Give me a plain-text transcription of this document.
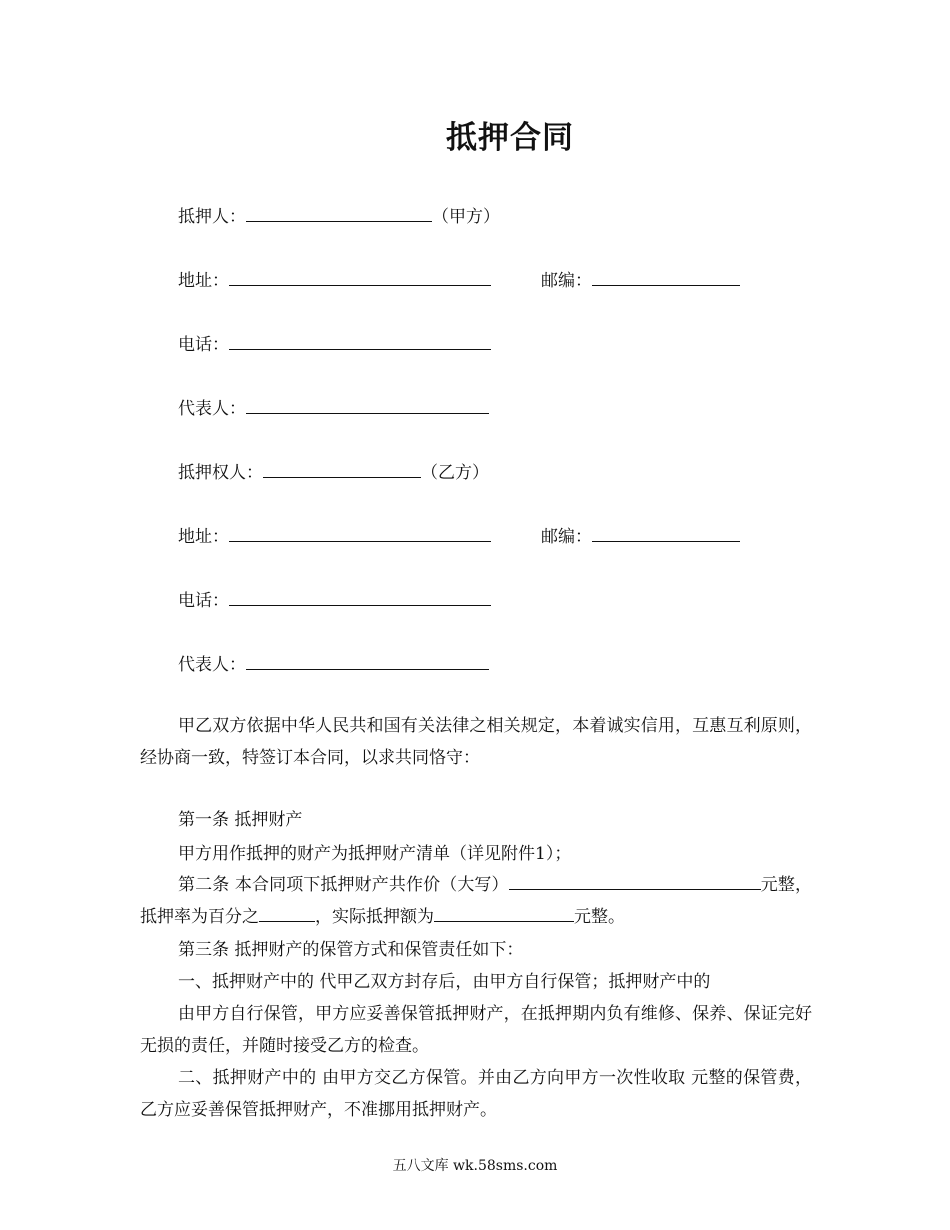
抵押合同
抵押人：	（甲方）
地址：	邮编：
电话：
代表人：
抵押权人：	（乙方）
地址：	邮编：
电话：
代表人：
甲乙双方依据中华人民共和国有关法律之相关规定，本着诚实信用，互惠互利原则，经协商一致，特签订本合同，以求共同恪守：
第一条 抵押财产
甲方用作抵押的财产为抵押财产清单（详见附件1）；
第二条 本合同项下抵押财产共作价（大写）	元整，抵押率为百分之	，实际抵押额为	元整。
第三条 抵押财产的保管方式和保管责任如下：
一、抵押财产中的 代甲乙双方封存后，由甲方自行保管；抵押财产中的
由甲方自行保管，甲方应妥善保管抵押财产，在抵押期内负有维修、保养、保证完好无损的责任，并随时接受乙方的检查。
二、抵押财产中的 由甲方交乙方保管。并由乙方向甲方一次性收取 元整的保管费，乙方应妥善保管抵押财产，不准挪用抵押财产。
五八文库 wk.58sms.com
